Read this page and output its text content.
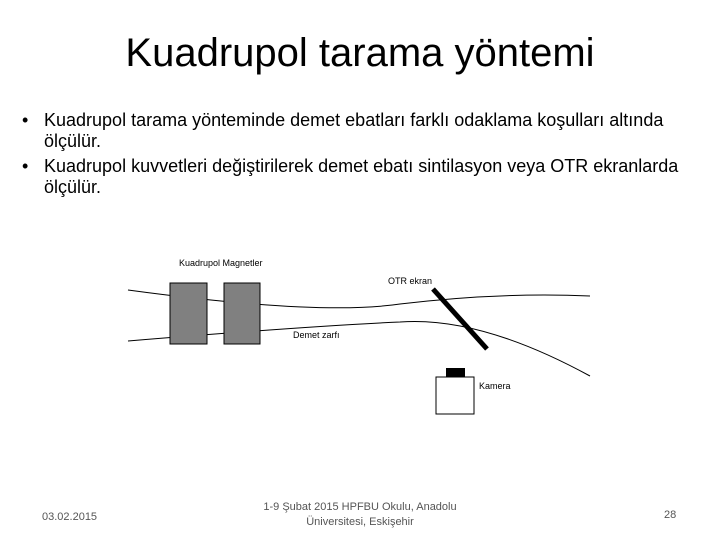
Kuadrupol tarama yöntemi
• Kuadrupol tarama yönteminde demet ebatları farklı odaklama koşulları altında ölçülür.
• Kuadrupol kuvvetleri değiştirilerek demet ebatı sintilasyon veya OTR ekranlarda ölçülür.
Kuadrupol Magnetler
OTR ekran
Demet zarfı
Kamera
03.02.2015
1-9 Şubat 2015 HPFBU Okulu, Anadolu
Üniversitesi, Eskişehir
28
